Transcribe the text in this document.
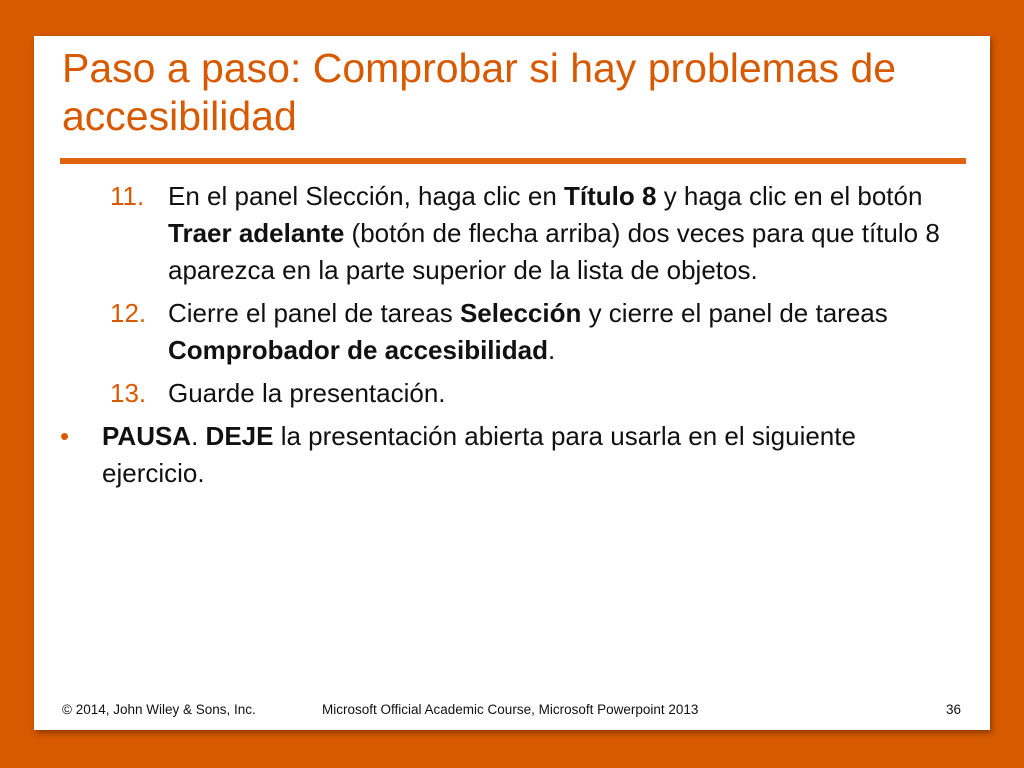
Paso a paso: Comprobar si hay problemas de accesibilidad
11. En el panel Slección, haga clic en Título 8 y haga clic en el botón Traer adelante (botón de flecha arriba) dos veces para que título 8 aparezca en la parte superior de la lista de objetos.
12. Cierre el panel de tareas Selección y cierre el panel de tareas Comprobador de accesibilidad.
13. Guarde la presentación.
• PAUSA. DEJE la presentación abierta para usarla en el siguiente ejercicio.
© 2014, John Wiley & Sons, Inc.	Microsoft Official Academic Course, Microsoft Powerpoint 2013	36
